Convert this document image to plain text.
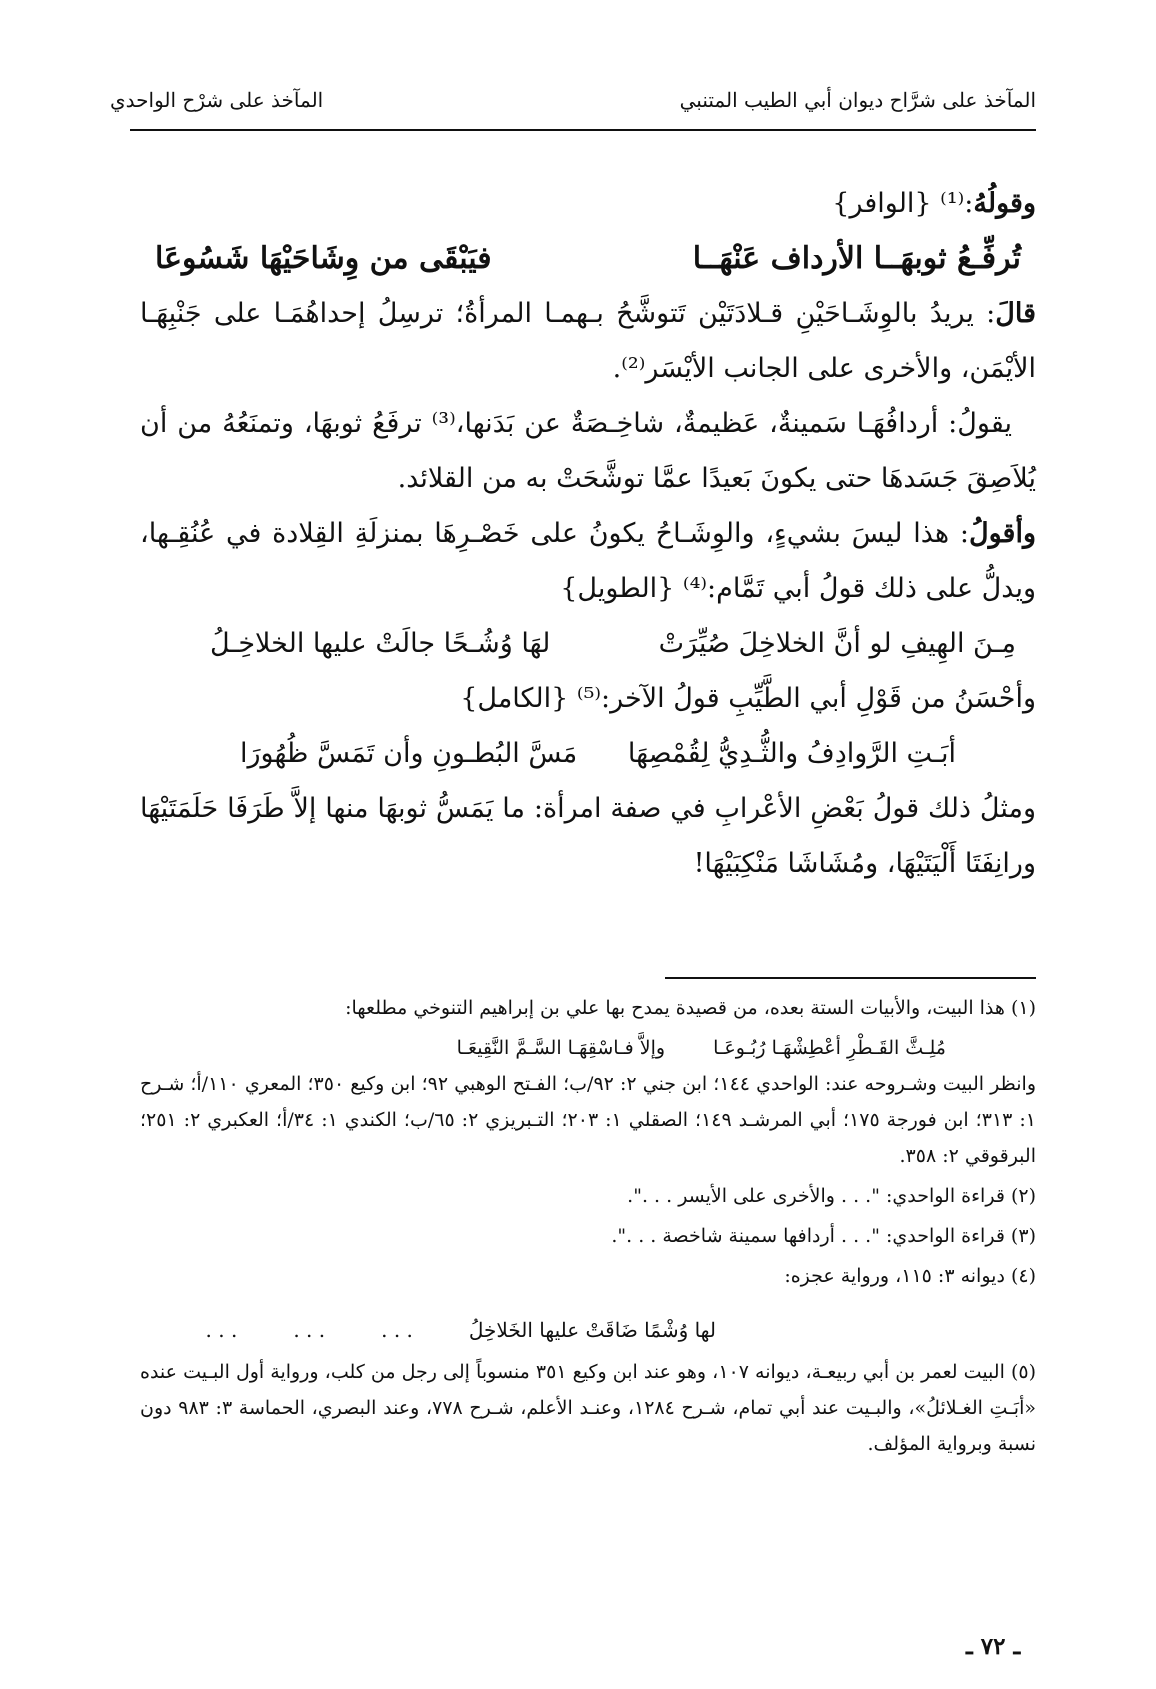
المآخذ على شرَّاح ديوان أبي الطيب المتنبي
المآخذ على شرْح الواحدي

وقولُهُ:⁽¹⁾ {الوافر}

تُرفِّـعُ ثوبهَــا الأرداف عَنْهَــا
فيَبْقَى من وِشَاحَيْهَا شَسُوعَا

قالَ: يريدُ بالوِشَـاحَيْنِ قـلادَتَيْن تَتوشَّحُ بـهمـا المرأةُ؛ ترسِلُ إحداهُمَـا على جَنْبِهَـا الأيْمَن، والأخرى على الجانب الأيْسَر⁽²⁾.

يقولُ: أردافُهَـا سَمينةٌ، عَظيمةٌ، شاخِـصَةٌ عن بَدَنها،⁽³⁾ ترفَعُ ثوبهَا، وتمنَعُهُ من أن يُلاَصِقَ جَسَدهَا حتى يكونَ بَعيدًا عمَّا توشَّحَتْ به من القلائد.

وأقولُ: هذا ليسَ بشيءٍ، والوِشَـاحُ يكونُ على خَصْـرِهَا بمنزلَةِ القِلادة في عُنُقِـها، ويدلُّ على ذلك قولُ أبي تَمَّام:⁽⁴⁾ {الطويل}

مِـنَ الهِيفِ لو أنَّ الخلاخِلَ صُيِّرَتْ
لهَا وُشُـحًا جالَتْ عليها الخلاخِـلُ

وأحْسَنُ من قَوْلِ أبي الطَّيِّبِ قولُ الآخر:⁽⁵⁾ {الكامل}

أبَـتِ الرَّوادِفُ والثُّـدِيُّ لِقُمْصِهَا
مَسَّ البُطـونِ وأن تَمَسَّ ظُهُورَا

ومثلُ ذلك قولُ بَعْضِ الأعْرابِ في صفة امرأة: ما يَمَسُّ ثوبهَا منها إلاَّ طَرَفَا حَلَمَتَيْهَا ورانِفَتَا أَلْيَتَيْهَا، ومُشَاشَا مَنْكِبَيْهَا!

(١) هذا البيت، والأبيات الستة بعده، من قصيدة يمدح بها علي بن إبراهيم التنوخي مطلعها:

مُلِـثَّ القَـطْرِ أعْطِشْهَـا رُبُـوعَـا
وإلاَّ فـاسْقِهَـا السَّـمَّ النَّقِيعَـا

وانظر البيت وشـروحه عند: الواحدي ١٤٤؛ ابن جني ٢: ٩٢/ب؛ الفـتح الوهبي ٩٢؛ ابن وكيع ٣٥٠؛ المعري ١١٠/أ؛ شـرح ١: ٣١٣؛ ابن فورجة ١٧٥؛ أبي المرشـد ١٤٩؛ الصقلي ١: ٢٠٣؛ التـبريزي ٢: ٦٥/ب؛ الكندي ١: ٣٤/أ؛ العكبري ٢: ٢٥١؛ البرقوقي ٢: ٣٥٨.

(٢) قراءة الواحدي: ". . . والأخرى على الأيسر . . .".

(٣) قراءة الواحدي: ". . . أردافها سمينة شاخصة . . .".

(٤) ديوانه ٣: ١١٥، ورواية عجزه:

لها وُشْمًا ضَاقَتْ عليها الخَلاخِلُ
. . .
. . .
. . .

(٥) البيت لعمر بن أبي ربيعـة، ديوانه ١٠٧، وهو عند ابن وكيع ٣٥١ منسوباً إلى رجل من كلب، ورواية أول البـيت عنده «أبَـتِ الغـلائلُ»، والبـيت عند أبي تمام، شـرح ١٢٨٤، وعنـد الأعلم، شـرح ٧٧٨، وعند البصري، الحماسة ٣: ٩٨٣ دون نسبة وبرواية المؤلف.

ـ ٧٢ ـ
